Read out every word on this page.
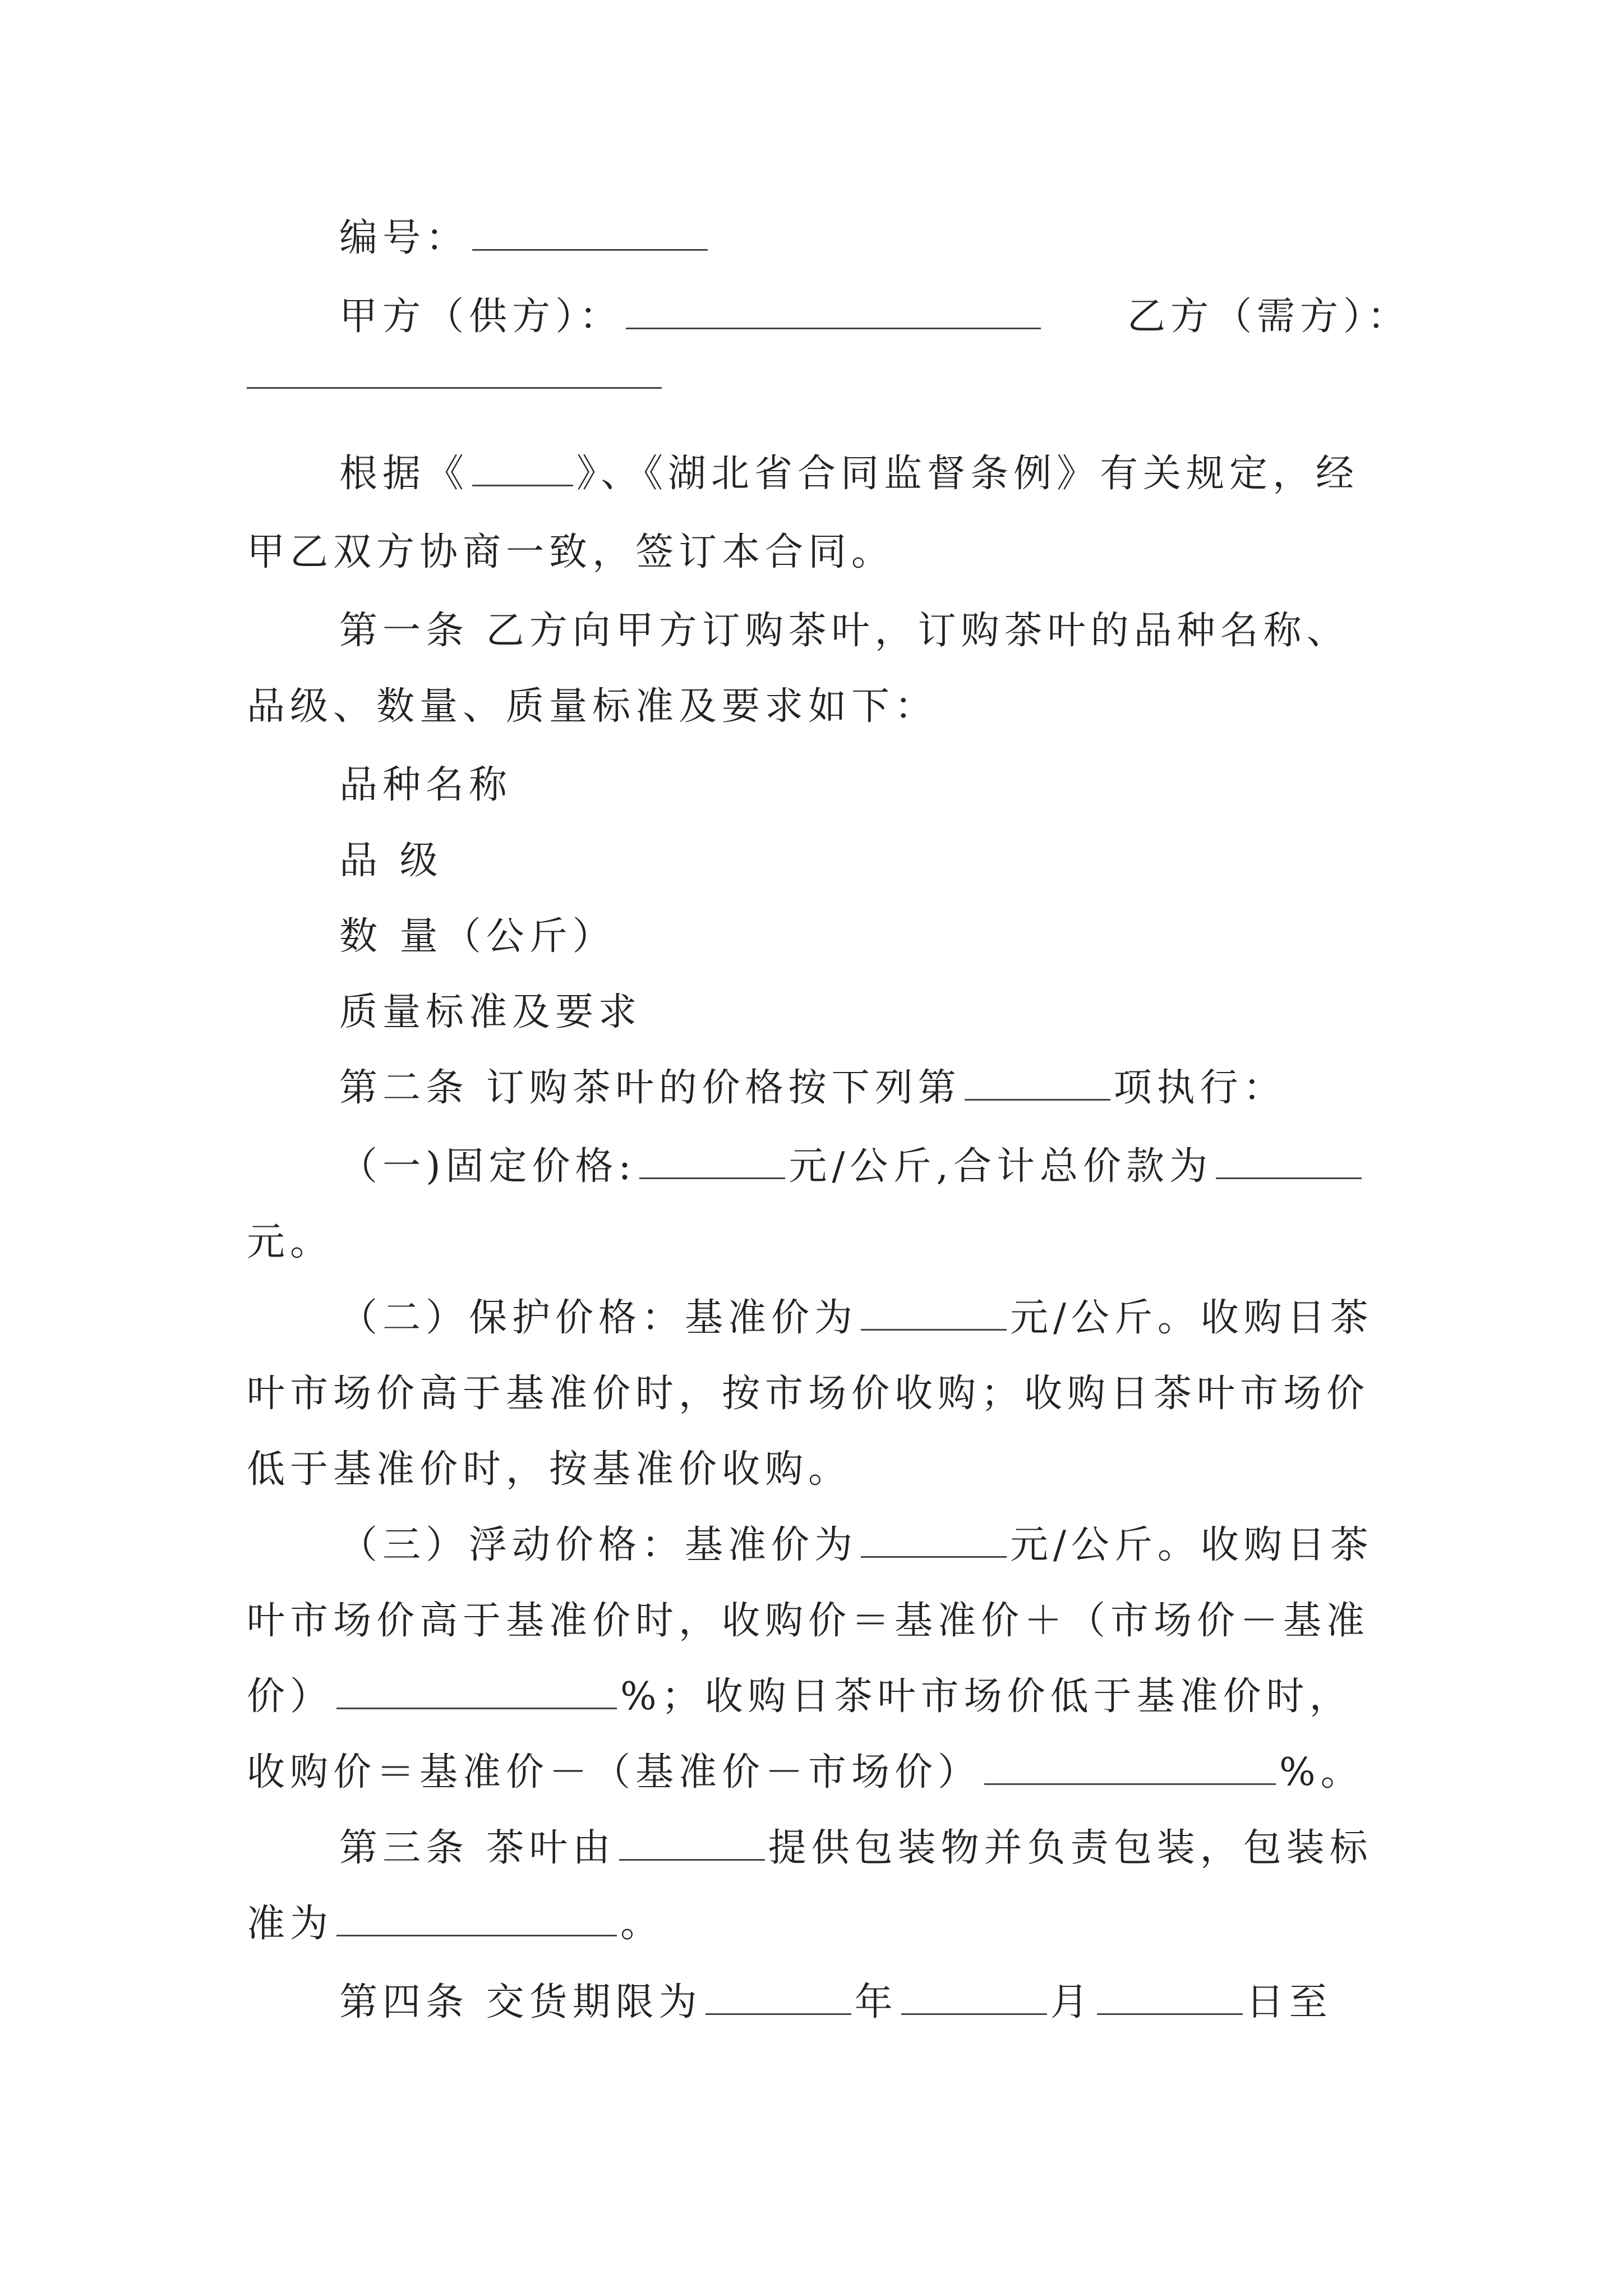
编号：
甲方（供方）：	乙方（需方）：
根据《	》、《湖北省合同监督条例》有关规定，经
甲乙双方协商一致，签订本合同。
第一条 乙方向甲方订购茶叶，订购茶叶的品种名称、
品级、数量、质量标准及要求如下：
品种名称
品 级
数 量（公斤）
质量标准及要求
第二条 订购茶叶的价格按下列第	项执行：
（一)固定价格:	元/公斤,合计总价款为
元。
（二）保护价格：基准价为	元/公斤。收购日茶
叶市场价高于基准价时，按市场价收购；收购日茶叶市场价
低于基准价时，按基准价收购。
（三）浮动价格：基准价为	元/公斤。收购日茶
叶市场价高于基准价时，收购价＝基准价＋（市场价－基准
价）	%；收购日茶叶市场价低于基准价时，
收购价＝基准价－（基准价－市场价）	%。
第三条 茶叶由	提供包装物并负责包装，包装标
准为	。
第四条 交货期限为	年	月	日至
